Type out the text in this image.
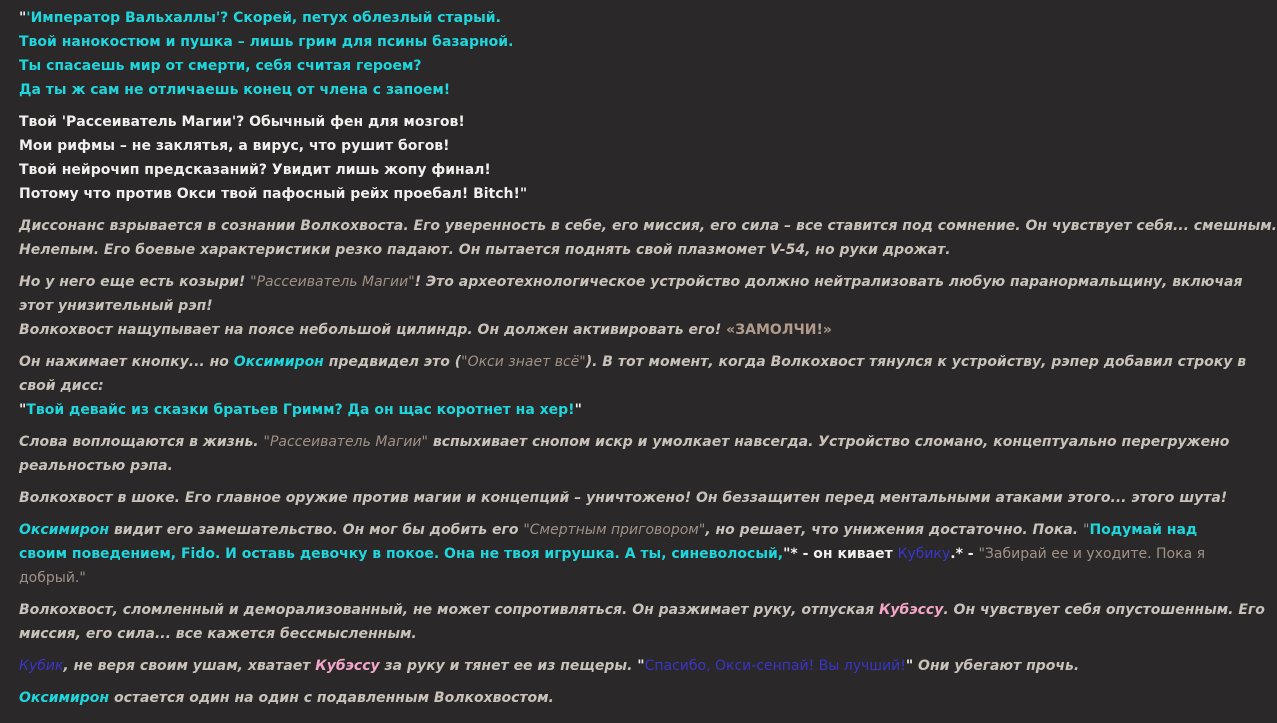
"'Император Вальхаллы'? Скорей, петух облезлый старый.

Твой нанокостюм и пушка – лишь грим для псины базарной.

Ты спасаешь мир от смерти, себя считая героем?

Да ты ж сам не отличаешь конец от члена с запоем!

Твой 'Рассеиватель Магии'? Обычный фен для мозгов!

Мои рифмы – не заклятья, а вирус, что рушит богов!

Твой нейрочип предсказаний? Увидит лишь жопу финал!

Потому что против Окси твой пафосный рейх проебал! Bitch!"

Диссонанс взрывается в сознании Волкохвоста. Его уверенность в себе, его миссия, его сила – все ставится под сомнение. Он чувствует себя... смешным.

Нелепым. Его боевые характеристики резко падают. Он пытается поднять свой плазмомет V-54, но руки дрожат.

Но у него еще есть козыри! "Рассеиватель Магии"! Это археотехнологическое устройство должно нейтрализовать любую паранормальщину, включая

этот унизительный рэп!

Волкохвост нащупывает на поясе небольшой цилиндр. Он должен активировать его! «ЗАМОЛЧИ!»

Он нажимает кнопку... но Оксимирон предвидел это ("Окси знает всё"). В тот момент, когда Волкохвост тянулся к устройству, рэпер добавил строку в

свой дисс:

"Твой девайс из сказки братьев Гримм? Да он щас коротнет на хер!"

Слова воплощаются в жизнь. "Рассеиватель Магии" вспыхивает снопом искр и умолкает навсегда. Устройство сломано, концептуально перегружено

реальностью рэпа.

Волкохвост в шоке. Его главное оружие против магии и концепций – уничтожено! Он беззащитен перед ментальными атаками этого... этого шута!

Оксимирон видит его замешательство. Он мог бы добить его "Смертным приговором", но решает, что унижения достаточно. Пока. "Подумай над

своим поведением, Fido. И оставь девочку в покое. Она не твоя игрушка. А ты, синеволосый,"* - он кивает Кубику.* - "Забирай ее и уходите. Пока я

добрый."

Волкохвост, сломленный и деморализованный, не может сопротивляться. Он разжимает руку, отпуская Кубэссу. Он чувствует себя опустошенным. Его

миссия, его сила... все кажется бессмысленным.

Кубик, не веря своим ушам, хватает Кубэссу за руку и тянет ее из пещеры. "Спасибо, Окси-сенпай! Вы лучший!" Они убегают прочь.

Оксимирон остается один на один с подавленным Волкохвостом.
